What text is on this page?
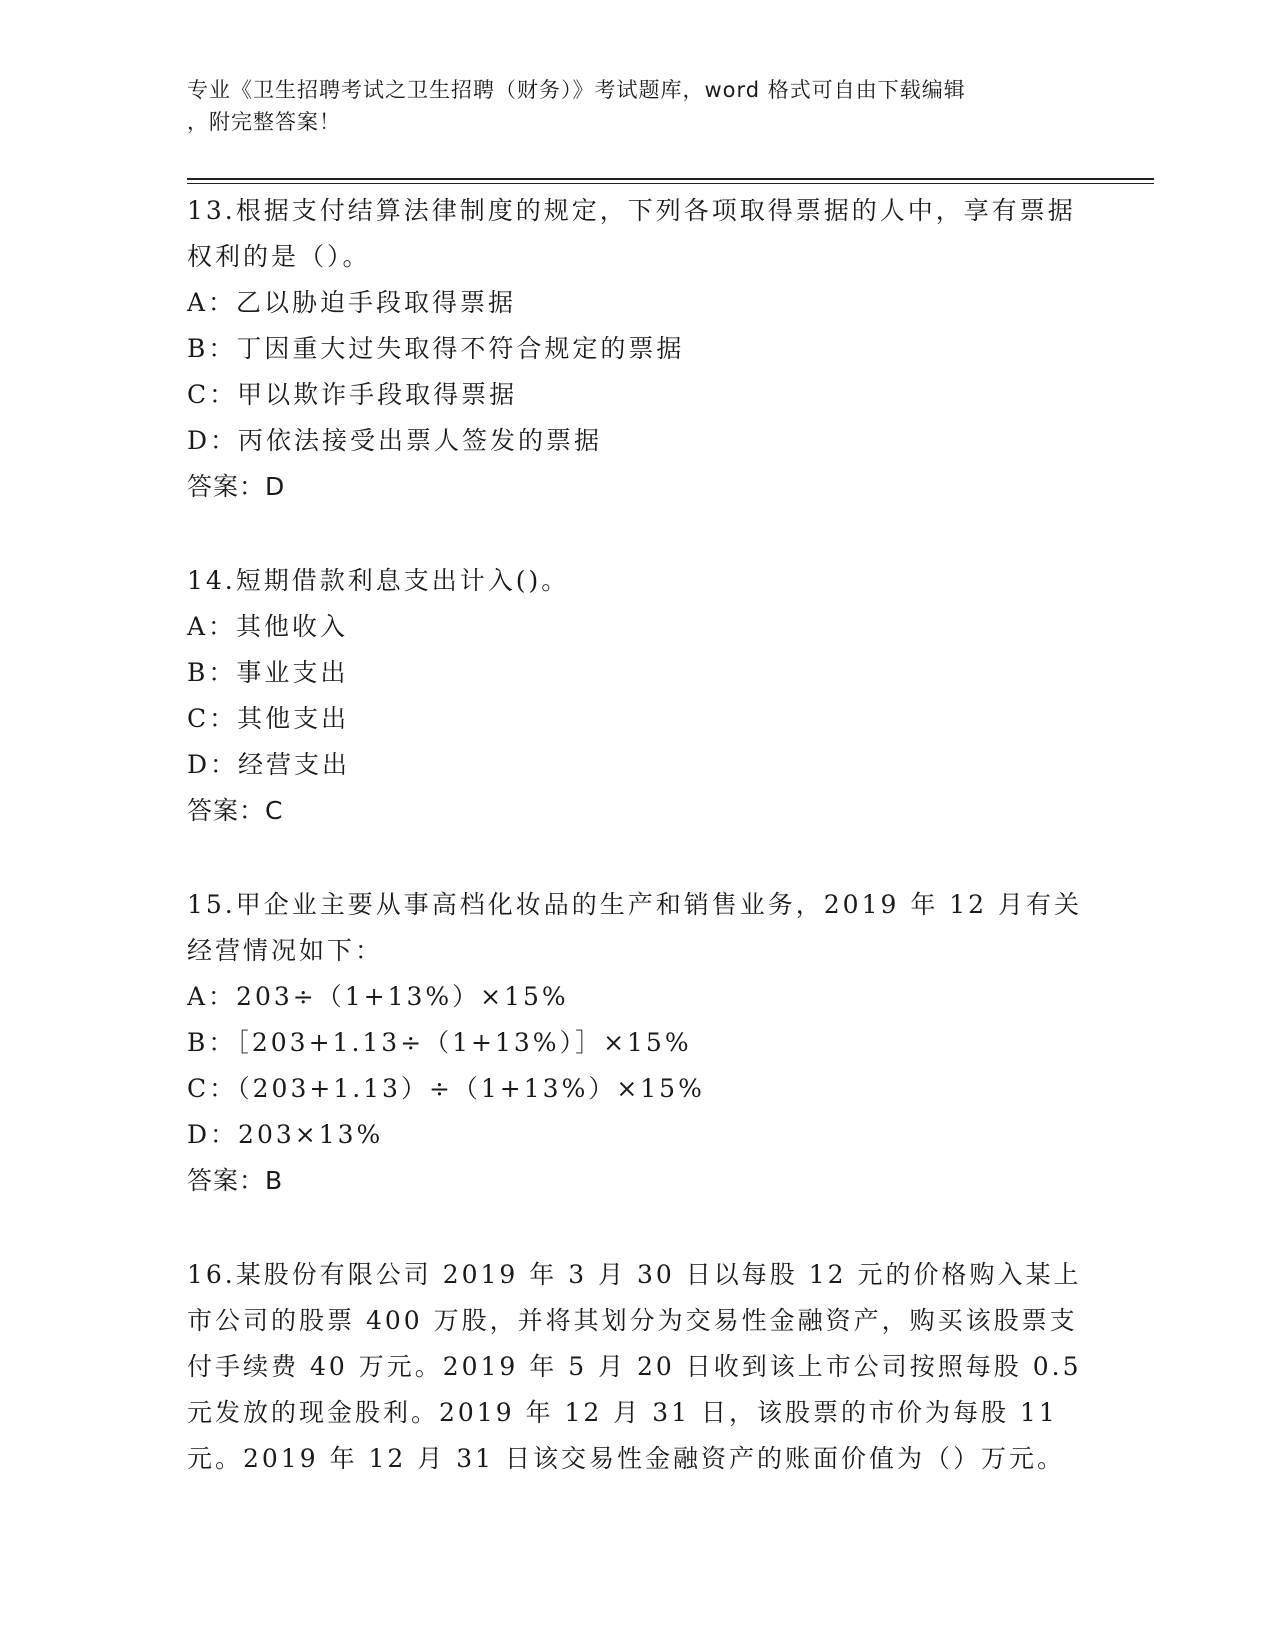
专业《卫生招聘考试之卫生招聘（财务）》考试题库，word 格式可自由下载编辑
，附完整答案！
13.根据支付结算法律制度的规定，下列各项取得票据的人中，享有票据权利的是（）。
A：乙以胁迫手段取得票据
B：丁因重大过失取得不符合规定的票据
C：甲以欺诈手段取得票据
D：丙依法接受出票人签发的票据
答案：D
14.短期借款利息支出计入()。
A：其他收入
B：事业支出
C：其他支出
D：经营支出
答案：C
15.甲企业主要从事高档化妆品的生产和销售业务，2019 年 12 月有关经营情况如下：
A：203÷（1+13%）×15%
B：［203+1.13÷（1+13%）］×15%
C：（203+1.13）÷（1+13%）×15%
D：203×13%
答案：B
16.某股份有限公司 2019 年 3 月 30 日以每股 12 元的价格购入某上市公司的股票 400 万股，并将其划分为交易性金融资产，购买该股票支付手续费 40 万元。2019 年 5 月 20 日收到该上市公司按照每股 0.5 元发放的现金股利。2019 年 12 月 31 日，该股票的市价为每股 11 元。2019 年 12 月 31 日该交易性金融资产的账面价值为（）万元。
